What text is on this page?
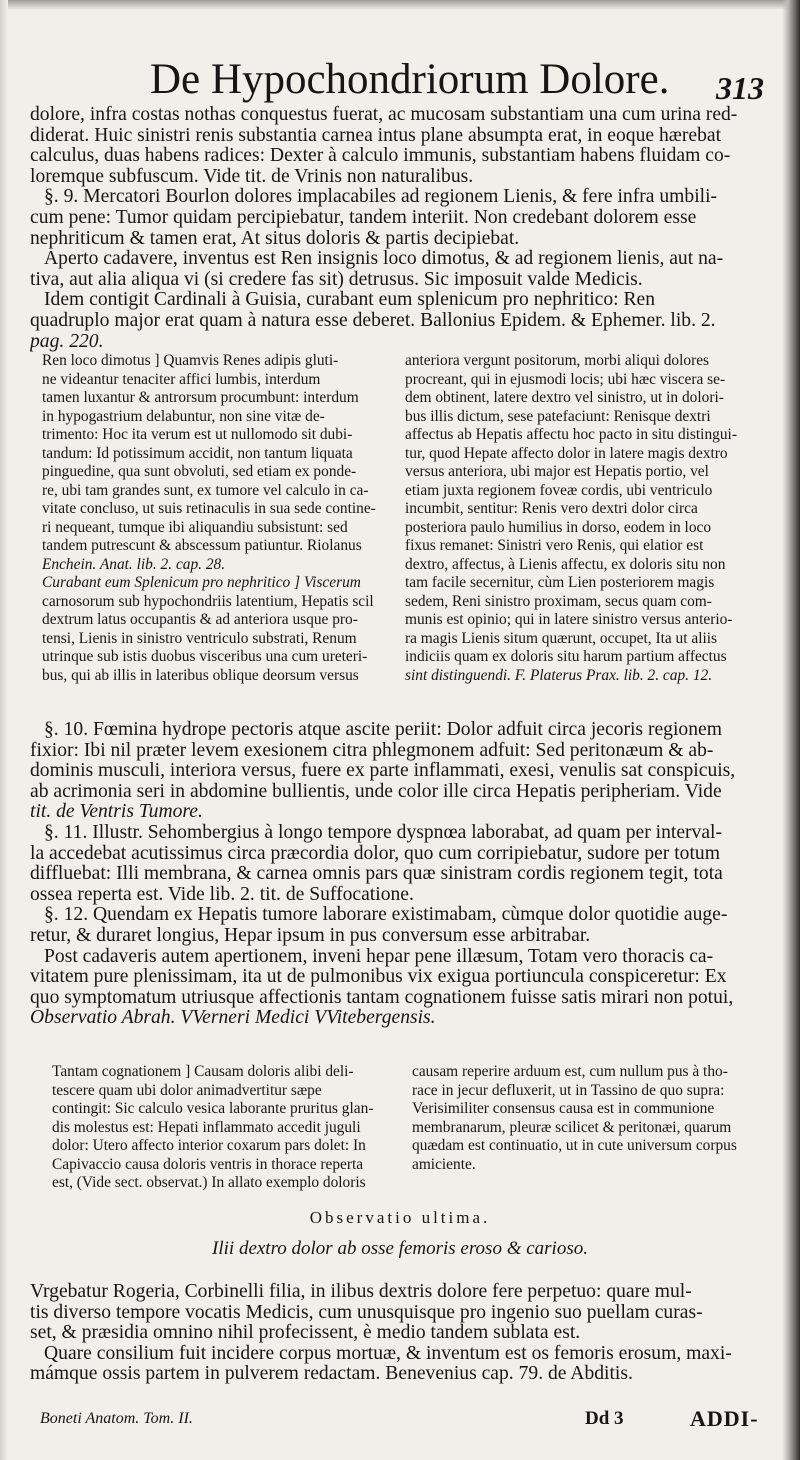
De Hypochondriorum Dolore.	313
dolore, infra costas nothas conquestus fuerat, ac mucosam substantiam una cum urina red-
diderat. Huic sinistri renis substantia carnea intus plane absumpta erat, in eoque hærebat
calculus, duas habens radices: Dexter à calculo immunis, substantiam habens fluidam co-
loremque subfuscum. Vide tit. de Vrinis non naturalibus.
§. 9. Mercatori Bourlon dolores implacabiles ad regionem Lienis, & fere infra umbili-
cum pene: Tumor quidam percipiebatur, tandem interiit. Non credebant dolorem esse
nephriticum & tamen erat, At situs doloris & partis decipiebat.
Aperto cadavere, inventus est Ren insignis loco dimotus, & ad regionem lienis, aut na-
tiva, aut alia aliqua vi (si credere fas sit) detrusus. Sic imposuit valde Medicis.
Idem contigit Cardinali à Guisia, curabant eum splenicum pro nephritico: Ren
quadruplo major erat quam à natura esse deberet. Ballonius Epidem. & Ephemer. lib. 2.
pag. 220.
Ren loco dimotus ] Quamvis Renes adipis gluti-
ne videantur tenaciter affici lumbis, interdum
tamen luxantur & antrorsum procumbunt: interdum
in hypogastrium delabuntur, non sine vitæ de-
trimento: Hoc ita verum est ut nullomodo sit dubi-
tandum: Id potissimum accidit, non tantum liquata
pinguedine, qua sunt obvoluti, sed etiam ex ponde-
re, ubi tam grandes sunt, ex tumore vel calculo in ca-
vitate concluso, ut suis retinaculis in sua sede contine-
ri nequeant, tumque ibi aliquandiu subsistunt: sed
tandem putrescunt & abscessum patiuntur. Riolanus
Enchein. Anat. lib. 2. cap. 28.
Curabant eum Splenicum pro nephritico ] Viscerum
carnosorum sub hypochondriis latentium, Hepatis scil
dextrum latus occupantis & ad anteriora usque pro-
tensi, Lienis in sinistro ventriculo substrati, Renum
utrinque sub istis duobus visceribus una cum ureteri-
bus, qui ab illis in lateribus oblique deorsum versus
anteriora vergunt positorum, morbi aliqui dolores
procreant, qui in ejusmodi locis; ubi hæc viscera se-
dem obtinent, latere dextro vel sinistro, ut in dolori-
bus illis dictum, sese patefaciunt: Renisque dextri
affectus ab Hepatis affectu hoc pacto in situ distingui-
tur, quod Hepate affecto dolor in latere magis dextro
versus anteriora, ubi major est Hepatis portio, vel
etiam juxta regionem foveæ cordis, ubi ventriculo
incumbit, sentitur: Renis vero dextri dolor circa
posteriora paulo humilius in dorso, eodem in loco
fixus remanet: Sinistri vero Renis, qui elatior est
dextro, affectus, à Lienis affectu, ex doloris situ non
tam facile secernitur, cùm Lien posteriorem magis
sedem, Reni sinistro proximam, secus quam com-
munis est opinio; qui in latere sinistro versus anterio-
ra magis Lienis situm quærunt, occupet, Ita ut aliis
indiciis quam ex doloris situ harum partium affectus
sint distinguendi. F. Platerus Prax. lib. 2. cap. 12.
§. 10. Fœmina hydrope pectoris atque ascite periit: Dolor adfuit circa jecoris regionem
fixior: Ibi nil præter levem exesionem citra phlegmonem adfuit: Sed peritonæum & ab-
dominis musculi, interiora versus, fuere ex parte inflammati, exesi, venulis sat conspicuis,
ab acrimonia seri in abdomine bullientis, unde color ille circa Hepatis peripheriam. Vide
tit. de Ventris Tumore.
§. 11. Illustr. Sehombergius à longo tempore dyspnœa laborabat, ad quam per interval-
la accedebat acutissimus circa præcordia dolor, quo cum corripiebatur, sudore per totum
diffluebat: Illi membrana, & carnea omnis pars quæ sinistram cordis regionem tegit, tota
ossea reperta est. Vide lib. 2. tit. de Suffocatione.
§. 12. Quendam ex Hepatis tumore laborare existimabam, cùmque dolor quotidie auge-
retur, & duraret longius, Hepar ipsum in pus conversum esse arbitrabar.
Post cadaveris autem apertionem, inveni hepar pene illæsum, Totam vero thoracis ca-
vitatem pure plenissimam, ita ut de pulmonibus vix exigua portiuncula conspiceretur: Ex
quo symptomatum utriusque affectionis tantam cognationem fuisse satis mirari non potui,
Observatio Abrah. VVerneri Medici VVitebergensis.
Tantam cognationem ] Causam doloris alibi deli-
tescere quam ubi dolor animadvertitur sæpe
contingit: Sic calculo vesica laborante pruritus glan-
dis molestus est: Hepati inflammato accedit juguli
dolor: Utero affecto interior coxarum pars dolet: In
Capivaccio causa doloris ventris in thorace reperta
est, (Vide sect. observat.) In allato exemplo doloris
causam reperire arduum est, cum nullum pus à tho-
race in jecur defluxerit, ut in Tassino de quo supra:
Verisimiliter consensus causa est in communione
membranarum, pleuræ scilicet & peritonæi, quarum
quædam est continuatio, ut in cute universum corpus
amiciente.
Observatio ultima.
Ilii dextro dolor ab osse femoris eroso & carioso.
Vrgebatur Rogeria, Corbinelli filia, in ilibus dextris dolore fere perpetuo: quare mul-
tis diverso tempore vocatis Medicis, cum unusquisque pro ingenio suo puellam curas-
set, & præsidia omnino nihil profecissent, è medio tandem sublata est.
Quare consilium fuit incidere corpus mortuæ, & inventum est os femoris erosum, maxi-
mámque ossis partem in pulverem redactam. Benevenius cap. 79. de Abditis.
Boneti Anatom. Tom. II.	Dd 3	ADDI-
